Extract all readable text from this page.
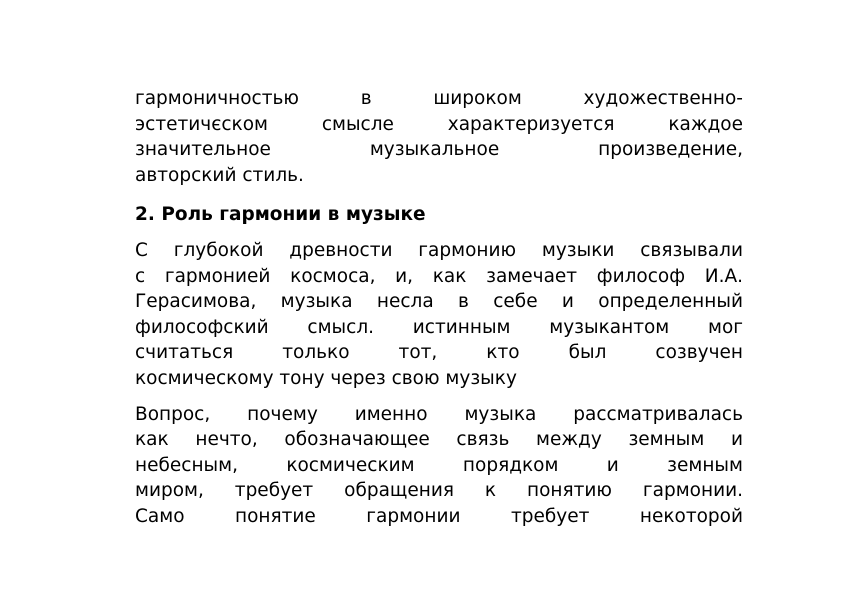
гармоничностью в широком художественно-
эстетичєском смысле характеризуется каждое
значительное музыкальное произведение,
авторский стиль.
2. Роль гармонии в музыке
С глубокой древности гармонию музыки связывали
с гармонией космоса, и, как замечает философ И.А.
Герасимова, музыка несла в себе и определенный
философский смысл. истинным музыкантом мог
считаться только тот, кто был созвучен
космическому тону через свою музыку
Вопрос, почему именно музыка рассматривалась
как нечто, обозначающее связь между земным и
небесным, космическим порядком и земным
миром, требует обращения к понятию гармонии.
Само понятие гармонии требует некоторой
